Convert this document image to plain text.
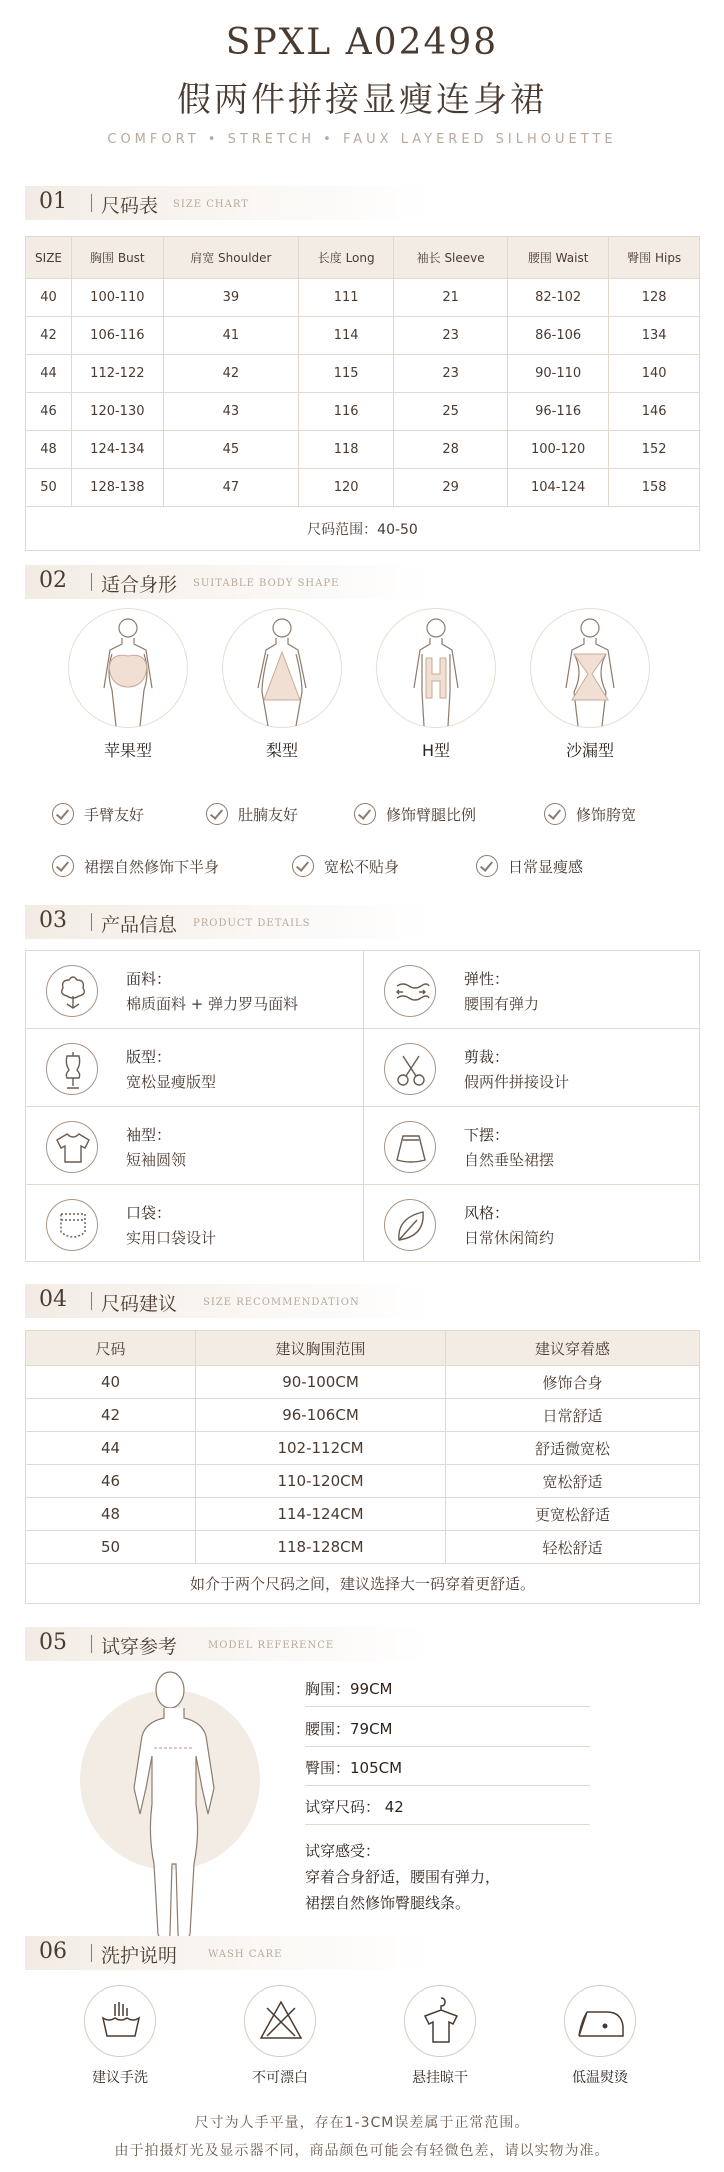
SPXL A02498
假两件拼接显瘦连身裙
COMFORT • STRETCH • FAUX LAYERED SILHOUETTE
01 尺码表 SIZE CHART
SIZE	胸围 Bust	肩宽 Shoulder	长度 Long	袖长 Sleeve	腰围 Waist	臀围 Hips
40	100-110	39	111	21	82-102	128
42	106-116	41	114	23	86-106	134
44	112-122	42	115	23	90-110	140
46	120-130	43	116	25	96-116	146
48	124-134	45	118	28	100-120	152
50	128-138	47	120	29	104-124	158
尺码范围：40-50						
02 适合身形 SUITABLE BODY SHAPE
苹果型	梨型	H型	沙漏型
手臂友好	肚腩友好	修饰臂腿比例	修饰胯宽
裙摆自然修饰下半身	宽松不贴身	日常显瘦感
03 产品信息 PRODUCT DETAILS
面料：
棉质面料 + 弹力罗马面料
弹性：
腰围有弹力
版型：
宽松显瘦版型
剪裁：
假两件拼接设计
袖型：
短袖圆领
下摆：
自然垂坠裙摆
口袋：
实用口袋设计
风格：
日常休闲简约
04 尺码建议	SIZE RECOMMENDATION
尺码	建议胸围范围	建议穿着感
40	90-100CM	修饰合身
42	96-106CM	日常舒适
44	102-112CM	舒适微宽松
46	110-120CM	宽松舒适
48	114-124CM	更宽松舒适
50	118-128CM	轻松舒适
如介于两个尺码之间，建议选择大一码穿着更舒适。		
05 试穿参考	MODEL REFERENCE
胸围：99CM
腰围：79CM
臀围：105CM
试穿尺码： 42
试穿感受：
穿着合身舒适，腰围有弹力，
裙摆自然修饰臀腿线条。
06 洗护说明	WASH CARE
建议手洗	不可漂白	悬挂晾干	低温熨烫
尺寸为人手平量，存在1-3CM误差属于正常范围。
由于拍摄灯光及显示器不同，商品颜色可能会有轻微色差，请以实物为准。
